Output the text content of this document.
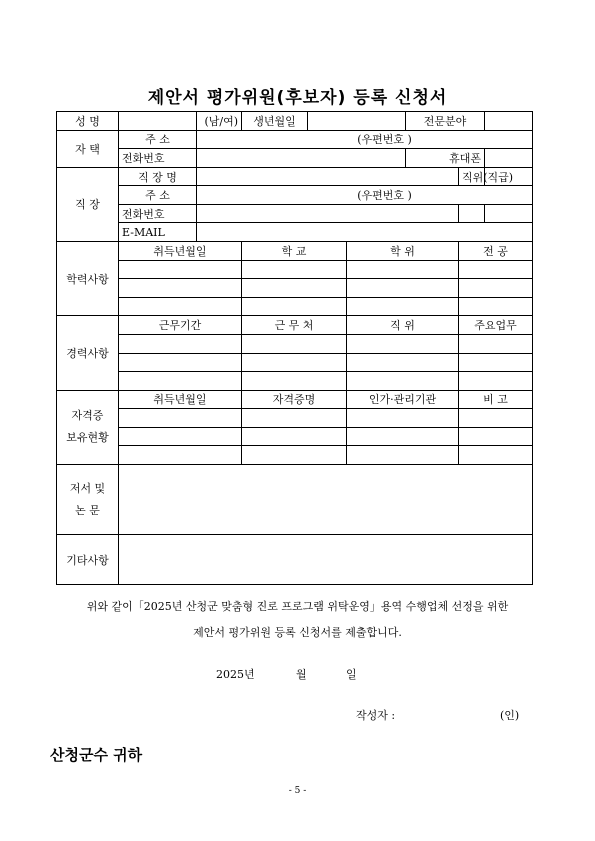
제안서 평가위원(후보자) 등록 신청서
성 명		(남/여)	생년월일			전문분야		
자 택	주 소	(우편번호 )						
	전화번호					휴대폰		
직 장	직 장 명						직위(직급)	
	주 소	(우편번호 )						
	전화번호							
	E-MAIL							
학력사항	취득년월일		학 교		학 위		전 공	

경력사항	근무기간		근 무 처		직 위		주요업무	

자격증
보유현황	취득년월일		자격증명		인가·관리기관		비 고	

저서 및
논 문								
기타사항								
위와 같이「2025년 산청군 맞춤형 진로 프로그램 위탁운영」용역 수행업체 선정을 위한
제안서 평가위원 등록 신청서를 제출합니다.
2025년	월	일
작성자 :	(인)
산청군수 귀하
- 5 -
